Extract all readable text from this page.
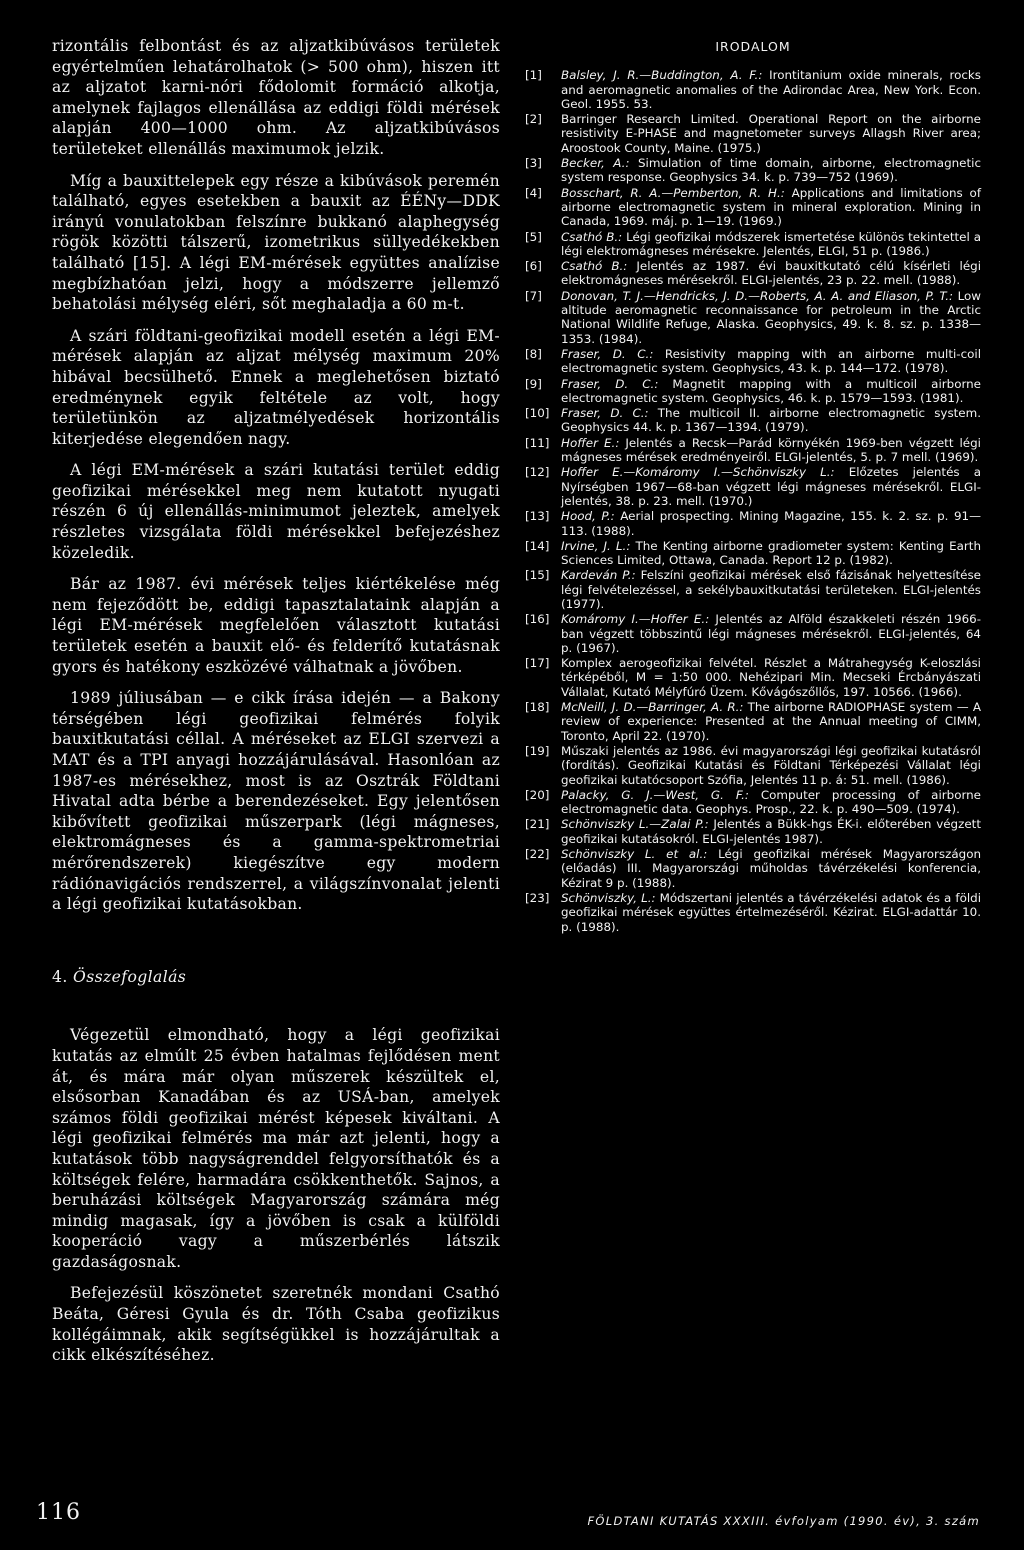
rizontális felbontást és az aljzatkibúvásos területek egyértelműen lehatárolhatok (> 500 ohm), hiszen itt az aljzatot karni-nóri fődolomit formáció alkotja, amelynek fajlagos ellenállása az eddigi földi mérések alapján 400—1000 ohm. Az aljzatkibúvásos területeket ellenállás maximumok jelzik.

Míg a bauxittelepek egy része a kibúvások peremén található, egyes esetekben a bauxit az ÉÉNy—DDK irányú vonulatokban felszínre bukkanó alaphegység rögök közötti tálszerű, izometrikus süllyedékekben található [15]. A légi EM-mérések együttes analízise megbízhatóan jelzi, hogy a módszerre jellemző behatolási mélység eléri, sőt meghaladja a 60 m-t.

A szári földtani-geofizikai modell esetén a légi EM-mérések alapján az aljzat mélység maximum 20% hibával becsülhető. Ennek a meglehetősen biztató eredménynek egyik feltétele az volt, hogy területünkön az aljzatmélyedések horizontális kiterjedése elegendően nagy.

A légi EM-mérések a szári kutatási terület eddig geofizikai mérésekkel meg nem kutatott nyugati részén 6 új ellenállás-minimumot jeleztek, amelyek részletes vizsgálata földi mérésekkel befejezéshez közeledik.

Bár az 1987. évi mérések teljes kiértékelése még nem fejeződött be, eddigi tapasztalataink alapján a légi EM-mérések megfelelően választott kutatási területek esetén a bauxit elő- és felderítő kutatásnak gyors és hatékony eszközévé válhatnak a jövőben.

1989 júliusában — e cikk írása idején — a Bakony térségében légi geofizikai felmérés folyik bauxitkutatási céllal. A méréseket az ELGI szervezi a MAT és a TPI anyagi hozzájárulásával. Hasonlóan az 1987-es mérésekhez, most is az Osztrák Földtani Hivatal adta bérbe a berendezéseket. Egy jelentősen kibővített geofizikai műszerpark (légi mágneses, elektromágneses és a gamma-spektrometriai mérőrendszerek) kiegészítve egy modern rádiónavigációs rendszerrel, a világszínvonalat jelenti a légi geofizikai kutatásokban.

4. Összefoglalás

Végezetül elmondható, hogy a légi geofizikai kutatás az elmúlt 25 évben hatalmas fejlődésen ment át, és mára már olyan műszerek készültek el, elsősorban Kanadában és az USÁ-ban, amelyek számos földi geofizikai mérést képesek kiváltani. A légi geofizikai felmérés ma már azt jelenti, hogy a kutatások több nagyságrenddel felgyorsíthatók és a költségek felére, harmadára csökkenthetők. Sajnos, a beruházási költségek Magyarország számára még mindig magasak, így a jövőben is csak a külföldi kooperáció vagy a műszerbérlés látszik gazdaságosnak.

Befejezésül köszönetet szeretnék mondani Csathó Beáta, Géresi Gyula és dr. Tóth Csaba geofizikus kollégáimnak, akik segítségükkel is hozzájárultak a cikk elkészítéséhez.

IRODALOM
[1]	Balsley, J. R.—Buddington, A. F.: Irontitanium oxide minerals, rocks and aeromagnetic anomalies of the Adirondac Area, New York. Econ. Geol. 1955. 53.
[2]	Barringer Research Limited. Operational Report on the airborne resistivity E-PHASE and magnetometer surveys Allagsh River area; Aroostook County, Maine. (1975.)
[3]	Becker, A.: Simulation of time domain, airborne, electromagnetic system response. Geophysics 34. k. p. 739—752 (1969).
[4]	Bosschart, R. A.—Pemberton, R. H.: Applications and limitations of airborne electromagnetic system in mineral exploration. Mining in Canada, 1969. máj. p. 1—19. (1969.)
[5]	Csathó B.: Légi geofizikai módszerek ismertetése különös tekintettel a légi elektromágneses mérésekre. Jelentés, ELGI, 51 p. (1986.)
[6]	Csathó B.: Jelentés az 1987. évi bauxitkutató célú kísérleti légi elektromágneses mérésekről. ELGI-jelentés, 23 p. 22. mell. (1988).
[7]	Donovan, T. J.—Hendricks, J. D.—Roberts, A. A. and Eliason, P. T.: Low altitude aeromagnetic reconnaissance for petroleum in the Arctic National Wildlife Refuge, Alaska. Geophysics, 49. k. 8. sz. p. 1338—1353. (1984).
[8]	Fraser, D. C.: Resistivity mapping with an airborne multi-coil electromagnetic system. Geophysics, 43. k. p. 144—172. (1978).
[9]	Fraser, D. C.: Magnetit mapping with a multicoil airborne electromagnetic system. Geophysics, 46. k. p. 1579—1593. (1981).
[10] Fraser, D. C.: The multicoil II. airborne electromagnetic system. Geophysics 44. k. p. 1367—1394. (1979).
[11] Hoffer E.: Jelentés a Recsk—Parád környékén 1969-ben végzett légi mágneses mérések eredményeiről. ELGI-jelentés, 5. p. 7 mell. (1969).
[12] Hoffer E.—Komáromy I.—Schönviszky L.: Előzetes jelentés a Nyírségben 1967—68-ban végzett légi mágneses mérésekről. ELGI-jelentés, 38. p. 23. mell. (1970.)
[13] Hood, P.: Aerial prospecting. Mining Magazine, 155. k. 2. sz. p. 91—113. (1988).
[14] Irvine, J. L.: The Kenting airborne gradiometer system: Kenting Earth Sciences Limited, Ottawa, Canada. Report 12 p. (1982).
[15] Kardeván P.: Felszíni geofizikai mérések első fázisának helyettesítése légi felvételezéssel, a sekélybauxitkutatási területeken. ELGI-jelentés (1977).
[16] Komáromy I.—Hoffer E.: Jelentés az Alföld északkeleti részén 1966-ban végzett többszintű légi mágneses mérésekről. ELGI-jelentés, 64 p. (1967).
[17] Komplex aerogeofizikai felvétel. Részlet a Mátrahegység K-eloszlási térképéből, M = 1:50 000. Nehézipari Min. Mecseki Ércbányászati Vállalat, Kutató Mélyfúró Üzem. Kővágószőllős, 197. 10566. (1966).
[18] McNeill, J. D.—Barringer, A. R.: The airborne RADIOPHASE system — A review of experience: Presented at the Annual meeting of CIMM, Toronto, April 22. (1970).
[19] Műszaki jelentés az 1986. évi magyarországi légi geofizikai kutatásról (fordítás). Geofizikai Kutatási és Földtani Térképezési Vállalat légi geofizikai kutatócsoport Szófia, Jelentés 11 p. á: 51. mell. (1986).
[20] Palacky, G. J.—West, G. F.: Computer processing of airborne electromagnetic data. Geophys. Prosp., 22. k. p. 490—509. (1974).
[21] Schönviszky L.—Zalai P.: Jelentés a Bükk-hgs ÉK-i. előterében végzett geofizikai kutatásokról. ELGI-jelentés 1987).
[22] Schönviszky L. et al.: Légi geofizikai mérések Magyarországon (előadás) III. Magyarországi műholdas távérzékelési konferencia, Kézirat 9 p. (1988).
[23] Schönviszky, L.: Módszertani jelentés a távérzékelési adatok és a földi geofizikai mérések együttes értelmezéséről. Kézirat. ELGI-adattár 10. p. (1988).
116	FÖLDTANI KUTATÁS XXXIII. évfolyam (1990. év), 3. szám
